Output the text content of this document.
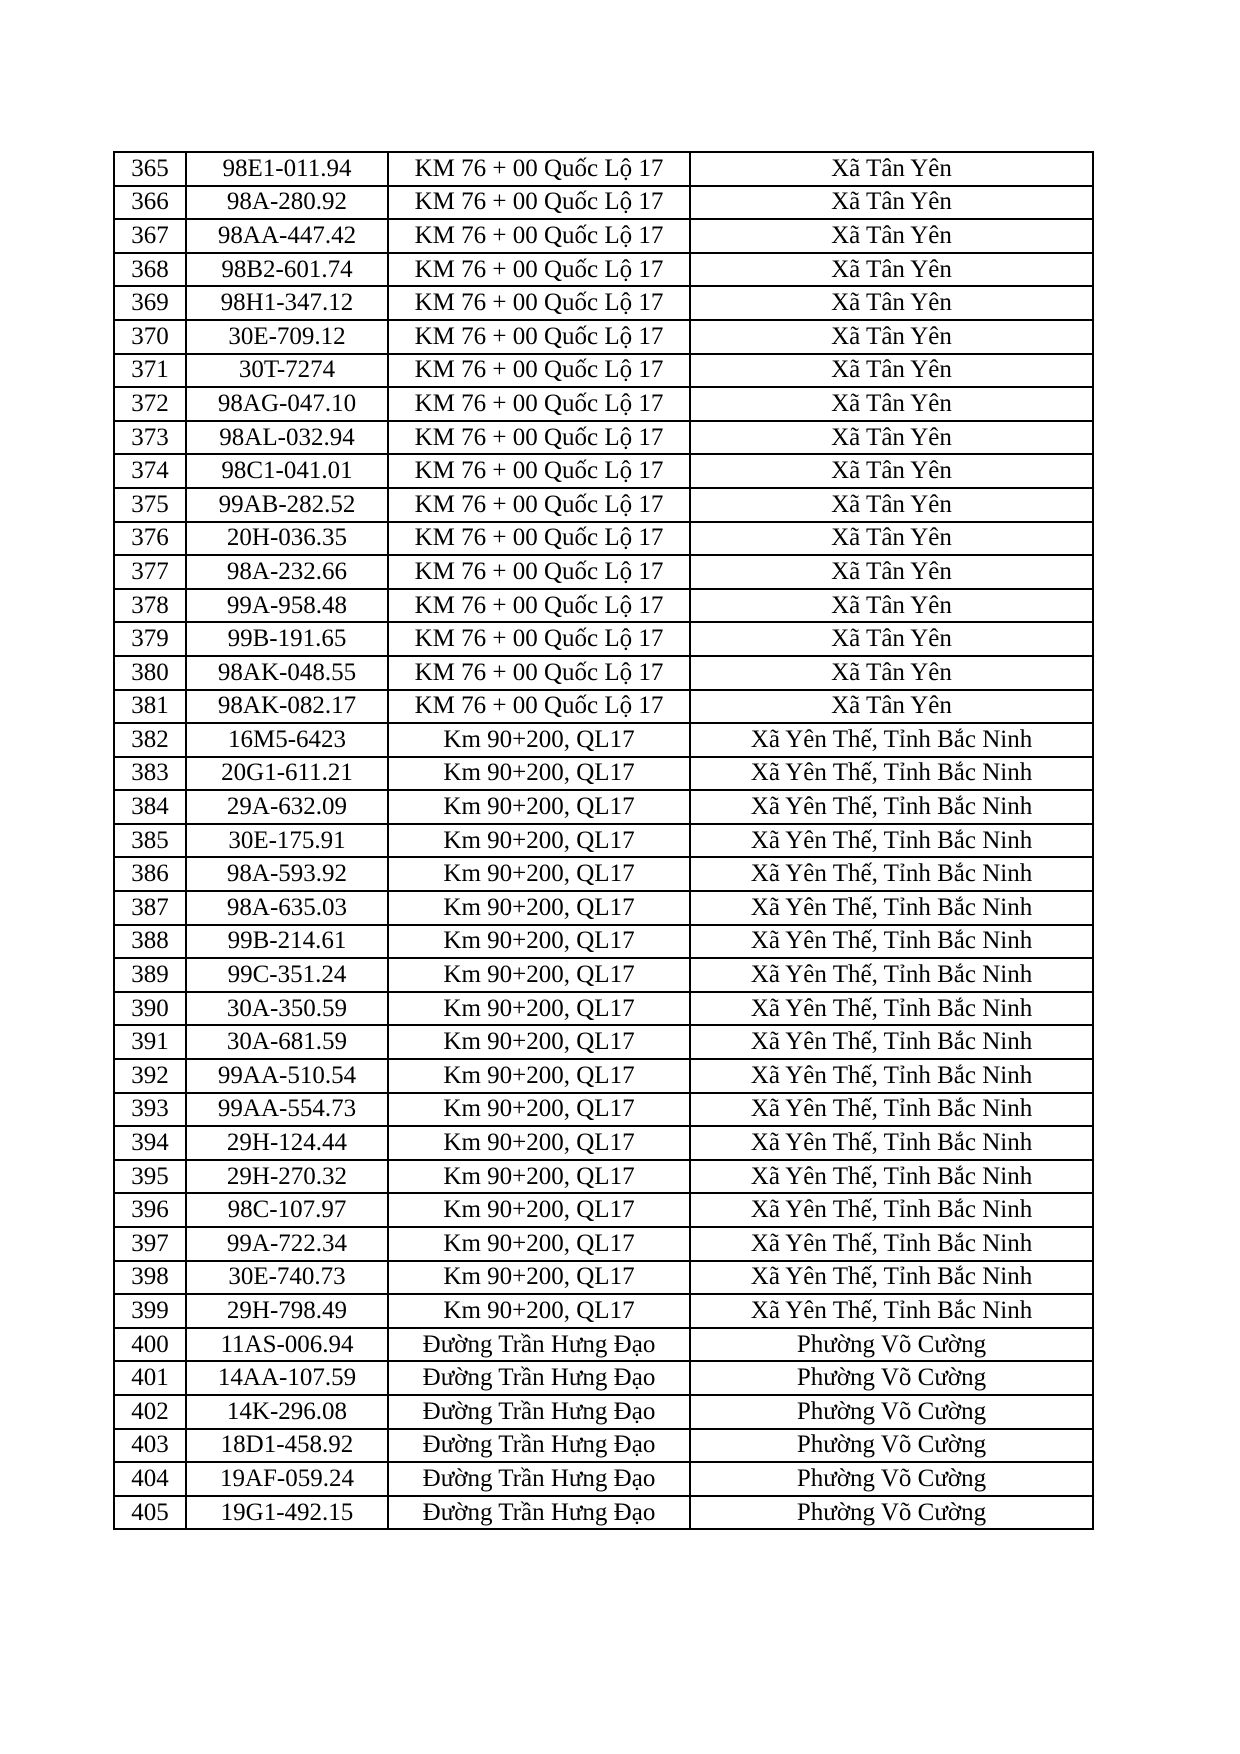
365	98E1-011.94	KM 76 + 00 Quốc Lộ 17	Xã Tân Yên
366	98A-280.92	KM 76 + 00 Quốc Lộ 17	Xã Tân Yên
367	98AA-447.42	KM 76 + 00 Quốc Lộ 17	Xã Tân Yên
368	98B2-601.74	KM 76 + 00 Quốc Lộ 17	Xã Tân Yên
369	98H1-347.12	KM 76 + 00 Quốc Lộ 17	Xã Tân Yên
370	30E-709.12	KM 76 + 00 Quốc Lộ 17	Xã Tân Yên
371	30T-7274	KM 76 + 00 Quốc Lộ 17	Xã Tân Yên
372	98AG-047.10	KM 76 + 00 Quốc Lộ 17	Xã Tân Yên
373	98AL-032.94	KM 76 + 00 Quốc Lộ 17	Xã Tân Yên
374	98C1-041.01	KM 76 + 00 Quốc Lộ 17	Xã Tân Yên
375	99AB-282.52	KM 76 + 00 Quốc Lộ 17	Xã Tân Yên
376	20H-036.35	KM 76 + 00 Quốc Lộ 17	Xã Tân Yên
377	98A-232.66	KM 76 + 00 Quốc Lộ 17	Xã Tân Yên
378	99A-958.48	KM 76 + 00 Quốc Lộ 17	Xã Tân Yên
379	99B-191.65	KM 76 + 00 Quốc Lộ 17	Xã Tân Yên
380	98AK-048.55	KM 76 + 00 Quốc Lộ 17	Xã Tân Yên
381	98AK-082.17	KM 76 + 00 Quốc Lộ 17	Xã Tân Yên
382	16M5-6423	Km 90+200, QL17	Xã Yên Thế, Tỉnh Bắc Ninh
383	20G1-611.21	Km 90+200, QL17	Xã Yên Thế, Tỉnh Bắc Ninh
384	29A-632.09	Km 90+200, QL17	Xã Yên Thế, Tỉnh Bắc Ninh
385	30E-175.91	Km 90+200, QL17	Xã Yên Thế, Tỉnh Bắc Ninh
386	98A-593.92	Km 90+200, QL17	Xã Yên Thế, Tỉnh Bắc Ninh
387	98A-635.03	Km 90+200, QL17	Xã Yên Thế, Tỉnh Bắc Ninh
388	99B-214.61	Km 90+200, QL17	Xã Yên Thế, Tỉnh Bắc Ninh
389	99C-351.24	Km 90+200, QL17	Xã Yên Thế, Tỉnh Bắc Ninh
390	30A-350.59	Km 90+200, QL17	Xã Yên Thế, Tỉnh Bắc Ninh
391	30A-681.59	Km 90+200, QL17	Xã Yên Thế, Tỉnh Bắc Ninh
392	99AA-510.54	Km 90+200, QL17	Xã Yên Thế, Tỉnh Bắc Ninh
393	99AA-554.73	Km 90+200, QL17	Xã Yên Thế, Tỉnh Bắc Ninh
394	29H-124.44	Km 90+200, QL17	Xã Yên Thế, Tỉnh Bắc Ninh
395	29H-270.32	Km 90+200, QL17	Xã Yên Thế, Tỉnh Bắc Ninh
396	98C-107.97	Km 90+200, QL17	Xã Yên Thế, Tỉnh Bắc Ninh
397	99A-722.34	Km 90+200, QL17	Xã Yên Thế, Tỉnh Bắc Ninh
398	30E-740.73	Km 90+200, QL17	Xã Yên Thế, Tỉnh Bắc Ninh
399	29H-798.49	Km 90+200, QL17	Xã Yên Thế, Tỉnh Bắc Ninh
400	11AS-006.94	Đường Trần Hưng Đạo	Phường Võ Cường
401	14AA-107.59	Đường Trần Hưng Đạo	Phường Võ Cường
402	14K-296.08	Đường Trần Hưng Đạo	Phường Võ Cường
403	18D1-458.92	Đường Trần Hưng Đạo	Phường Võ Cường
404	19AF-059.24	Đường Trần Hưng Đạo	Phường Võ Cường
405	19G1-492.15	Đường Trần Hưng Đạo	Phường Võ Cường
